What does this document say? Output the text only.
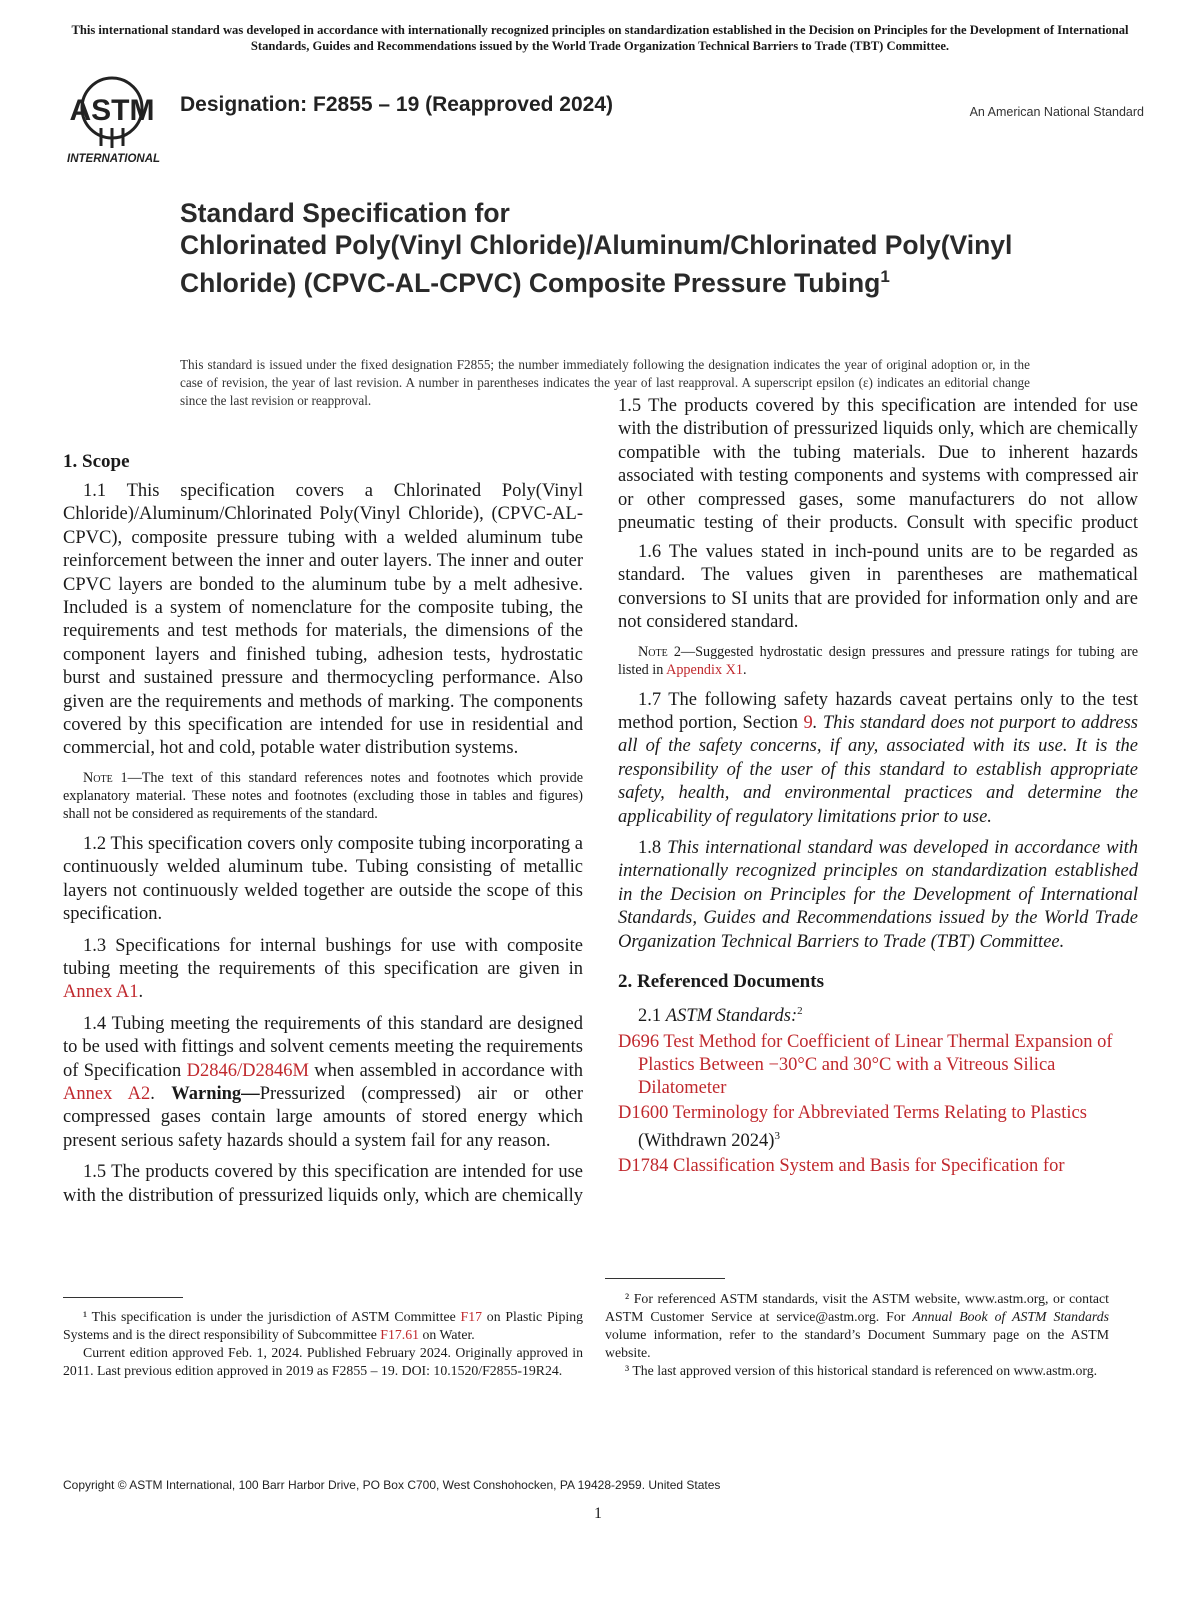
This international standard was developed in accordance with internationally recognized principles on standardization established in the Decision on Principles for the Development of International Standards, Guides and Recommendations issued by the World Trade Organization Technical Barriers to Trade (TBT) Committee.
ASTM
INTERNATIONAL
Designation: F2855 – 19 (Reapproved 2024)	An American National Standard
Standard Specification for
Chlorinated Poly(Vinyl Chloride)/Aluminum/Chlorinated Poly(Vinyl Chloride) (CPVC-AL-CPVC) Composite Pressure Tubing$^1$
This standard is issued under the fixed designation F2855; the number immediately following the designation indicates the year of original adoption or, in the case of revision, the year of last revision. A number in parentheses indicates the year of last reapproval. A superscript epsilon (ε) indicates an editorial change since the last revision or reapproval.
1. Scope

1.1 This specification covers a Chlorinated Poly(Vinyl Chloride)/Aluminum/Chlorinated Poly(Vinyl Chloride), (CPVC-AL-CPVC), composite pressure tubing with a welded aluminum tube reinforcement between the inner and outer layers. The inner and outer CPVC layers are bonded to the aluminum tube by a melt adhesive. Included is a system of nomenclature for the composite tubing, the requirements and test methods for materials, the dimensions of the component layers and finished tubing, adhesion tests, hydrostatic burst and sustained pressure and thermocycling performance. Also given are the requirements and methods of marking. The components covered by this specification are intended for use in residential and commercial, hot and cold, potable water distribution systems.

Note 1—The text of this standard references notes and footnotes which provide explanatory material. These notes and footnotes (excluding those in tables and figures) shall not be considered as requirements of the standard.

1.2 This specification covers only composite tubing incorporating a continuously welded aluminum tube. Tubing consisting of metallic layers not continuously welded together are outside the scope of this specification.

1.3 Specifications for internal bushings for use with composite tubing meeting the requirements of this specification are given in Annex A1.

1.4 Tubing meeting the requirements of this standard are designed to be used with fittings and solvent cements meeting the requirements of Specification D2846/D2846M when assembled in accordance with Annex A2. Warning—Pressurized (compressed) air or other compressed gases contain large amounts of stored energy which present serious safety hazards should a system fail for any reason.

1.5 The products covered by this specification are intended for use with the distribution of pressurized liquids only, which are chemically

¹ This specification is under the jurisdiction of ASTM Committee F17 on Plastic Piping Systems and is the direct responsibility of Subcommittee F17.61 on Water.

Current edition approved Feb. 1, 2024. Published February 2024. Originally approved in 2011. Last previous edition approved in 2019 as F2855 – 19. DOI: 10.1520/F2855-19R24.

1.5 The products covered by this specification are intended for use with the distribution of pressurized liquids only, which are chemically compatible with the tubing materials. Due to inherent hazards associated with testing components and systems with compressed air or other compressed gases, some manufacturers do not allow pneumatic testing of their products. Consult with specific product

1.6 The values stated in inch-pound units are to be regarded as standard. The values given in parentheses are mathematical conversions to SI units that are provided for information only and are not considered standard.

Note 2—Suggested hydrostatic design pressures and pressure ratings for tubing are listed in Appendix X1.

1.7 The following safety hazards caveat pertains only to the test method portion, Section 9. This standard does not purport to address all of the safety concerns, if any, associated with its use. It is the responsibility of the user of this standard to establish appropriate safety, health, and environmental practices and determine the applicability of regulatory limitations prior to use.

1.8 This international standard was developed in accordance with internationally recognized principles on standardization established in the Decision on Principles for the Development of International Standards, Guides and Recommendations issued by the World Trade Organization Technical Barriers to Trade (TBT) Committee.

2. Referenced Documents

2.1 ASTM Standards:$^2$

D696 Test Method for Coefficient of Linear Thermal Expansion of Plastics Between −30°C and 30°C with a Vitreous Silica Dilatometer
D1600 Terminology for Abbreviated Terms Relating to Plastics (Withdrawn 2024)$^3$
D1784 Classification System and Basis for Specification for

² For referenced ASTM standards, visit the ASTM website, www.astm.org, or contact ASTM Customer Service at service@astm.org. For Annual Book of ASTM Standards volume information, refer to the standard’s Document Summary page on the ASTM website.

³ The last approved version of this historical standard is referenced on www.astm.org.

Copyright © ASTM International, 100 Barr Harbor Drive, PO Box C700, West Conshohocken, PA 19428-2959. United States
1
